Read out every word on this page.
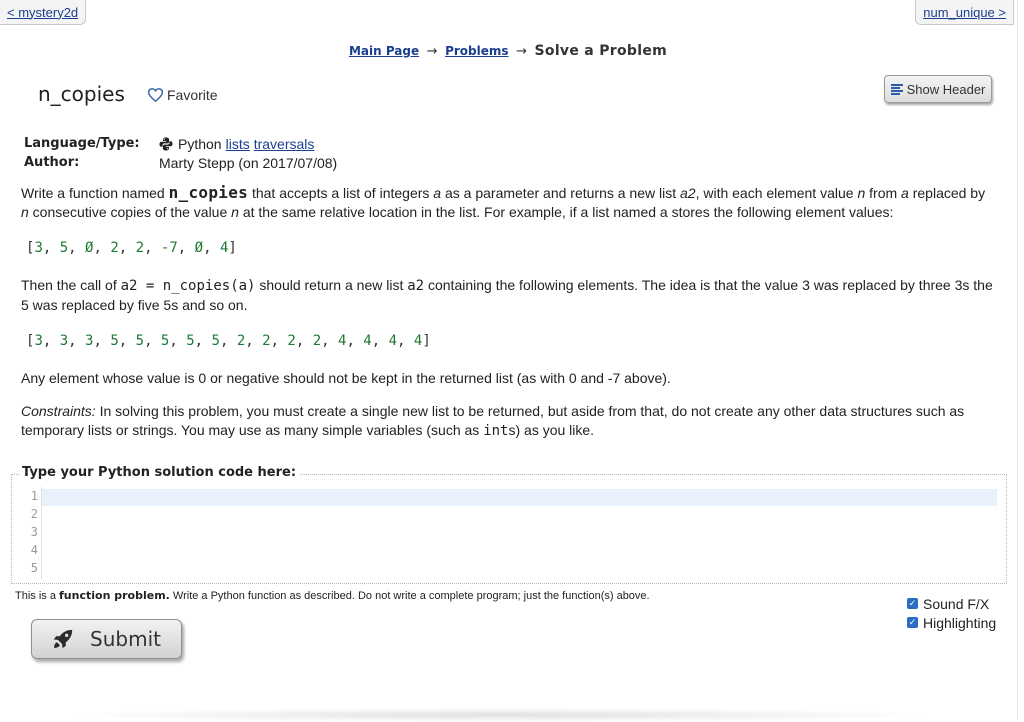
< mystery2d	num_unique >
Main Page → Problems → Solve a Problem
n_copies	Favorite	Show Header
Language/Type:	Python lists traversals
Author:	Marty Stepp (on 2017/07/08)
Write a function named n_copies that accepts a list of integers a as a parameter and returns a new list a2, with each element value n from a replaced by n consecutive copies of the value n at the same relative location in the list. For example, if a list named a stores the following element values:
[3, 5, Ø, 2, 2, -7, Ø, 4]
Then the call of a2 = n_copies(a) should return a new list a2 containing the following elements. The idea is that the value 3 was replaced by three 3s the 5 was replaced by five 5s and so on.
[3, 3, 3, 5, 5, 5, 5, 5, 2, 2, 2, 2, 4, 4, 4, 4]
Any element whose value is 0 or negative should not be kept in the returned list (as with 0 and -7 above).
Constraints: In solving this problem, you must create a single new list to be returned, but aside from that, do not create any other data structures such as temporary lists or strings. You may use as many simple variables (such as ints) as you like.
Type your Python solution code here:
1
2
3
4
5
This is a function problem. Write a Python function as described. Do not write a complete program; just the function(s) above.
✓ Sound F/X
✓ Highlighting
Submit
